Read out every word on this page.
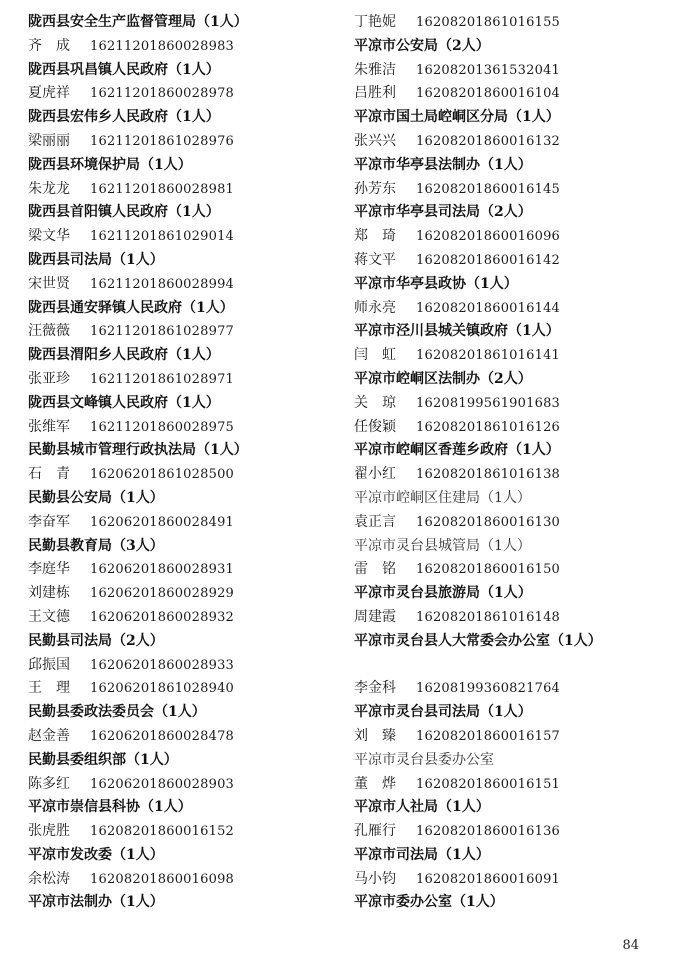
陇西县安全生产监督管理局（1人）
齐　成 16211201860028983
陇西县巩昌镇人民政府（1人）
夏虎祥 16211201860028978
陇西县宏伟乡人民政府（1人）
梁丽丽 16211201861028976
陇西县环境保护局（1人）
朱龙龙 16211201860028981
陇西县首阳镇人民政府（1人）
梁文华 16211201861029014
陇西县司法局（1人）
宋世贤 16211201860028994
陇西县通安驿镇人民政府（1人）
汪薇薇 16211201861028977
陇西县渭阳乡人民政府（1人）
张亚珍 16211201861028971
陇西县文峰镇人民政府（1人）
张维军 16211201860028975
民勤县城市管理行政执法局（1人）
石　青 16206201861028500
民勤县公安局（1人）
李奋军 16206201860028491
民勤县教育局（3人）
李庭华 16206201860028931
刘建栋 16206201860028929
王文德 16206201860028932
民勤县司法局（2人）
邱振国 16206201860028933
王　理 16206201861028940
民勤县委政法委员会（1人）
赵金善 16206201860028478
民勤县委组织部（1人）
陈多红 16206201860028903
平凉市崇信县科协（1人）
张虎胜 16208201860016152
平凉市发改委（1人）
余松涛 16208201860016098
平凉市法制办（1人）
丁艳妮 16208201861016155
平凉市公安局（2人）
朱雅洁 16208201361532041
吕胜利 16208201860016104
平凉市国土局崆峒区分局（1人）
张兴兴 16208201860016132
平凉市华亭县法制办（1人）
孙芳东 16208201860016145
平凉市华亭县司法局（2人）
郑　琦 16208201860016096
蒋文平 16208201860016142
平凉市华亭县政协（1人）
师永亮 16208201860016144
平凉市泾川县城关镇政府（1人）
闫　虹 16208201861016141
平凉市崆峒区法制办（2人）
关　琼 16208199561901683
任俊颖 16208201861016126
平凉市崆峒区香莲乡政府（1人）
翟小红 16208201861016138
平凉市崆峒区住建局（1人）
袁正言 16208201860016130
平凉市灵台县城管局（1人）
雷　铭 16208201860016150
平凉市灵台县旅游局（1人）
周建霞 16208201861016148
平凉市灵台县人大常委会办公室（1人）
李金科 16208199360821764
平凉市灵台县司法局（1人）
刘　臻 16208201860016157
平凉市灵台县委办公室
董　烨 16208201860016151
平凉市人社局（1人）
孔雁行 16208201860016136
平凉市司法局（1人）
马小钧 16208201860016091
平凉市委办公室（1人）
84
